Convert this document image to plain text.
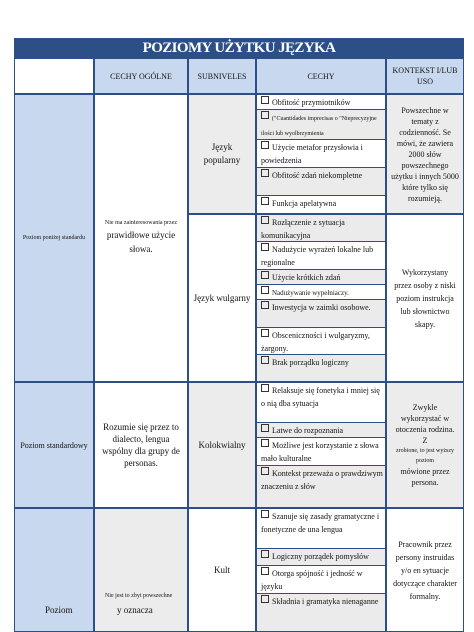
POZIOMY UŻYTKU JĘZYKA
CECHY OGÓLNE	SUBNIVELES	CECHY
KONTEKST I/LUB USO
Poziom poniżej standardu
Poziom standardowy
Poziom
Nie ma zainteresowania przez
prawidłowe użycie słowa.
Rozumie się przez to dialecto, lengua wspólny dla grupy de personas.
Nie jest to zbyt powszechne
y oznacza
Język popularny
Język wulgarny
Kolokwialny
Kult
Obfitość przymiotników
("Cuantidades imprecisas o "Nieprecyzyjne ilości lub wyolbrzymienia
Użycie metafor przysłowia i powiedzenia
Obfitość zdań niekompletne
Funkcja apelatywna
Rozłączenie z sytuacja komunikacyjna
Nadużycie wyrażeń lokalne lub regionalne
Użycie krótkich zdań
Nadużywanie wypełniaczy.
Inwestycja w zaimki osobowe.
Obsceniczności i wulgaryzmy, żargony.
Brak porządku logiczny
Relaksuje się fonetyka i mniej się o nią dba sytuacja
Latwe do rozpoznania
Możliwe jest korzystanie z słowa mało kulturalne
Kontekst przeważa o prawdziwym znaczeniu z słów
Szanuje się zasady gramatyczne i fonetyczne de una lengua
Logiczny porządek pomysłów
Otorga spójność i jedność w języku
Składnia i gramatyka nienaganne
Powszechne w tematy z codzienność. Se mówi, że zawiera 2000 słów powszechnego użytku i innych 5000 które tylko się rozumieją.
Wykorzystany przez osoby z niski poziom instrukcja lub słownictwo skapy.
Zwykle wykorzystać w otoczenia rodzina. Z
zrobione, to jest wyższy poziom
mówione przez persona.
Pracownik przez persony instruidas y/o en sytuacje dotyczące charakter formalny.
